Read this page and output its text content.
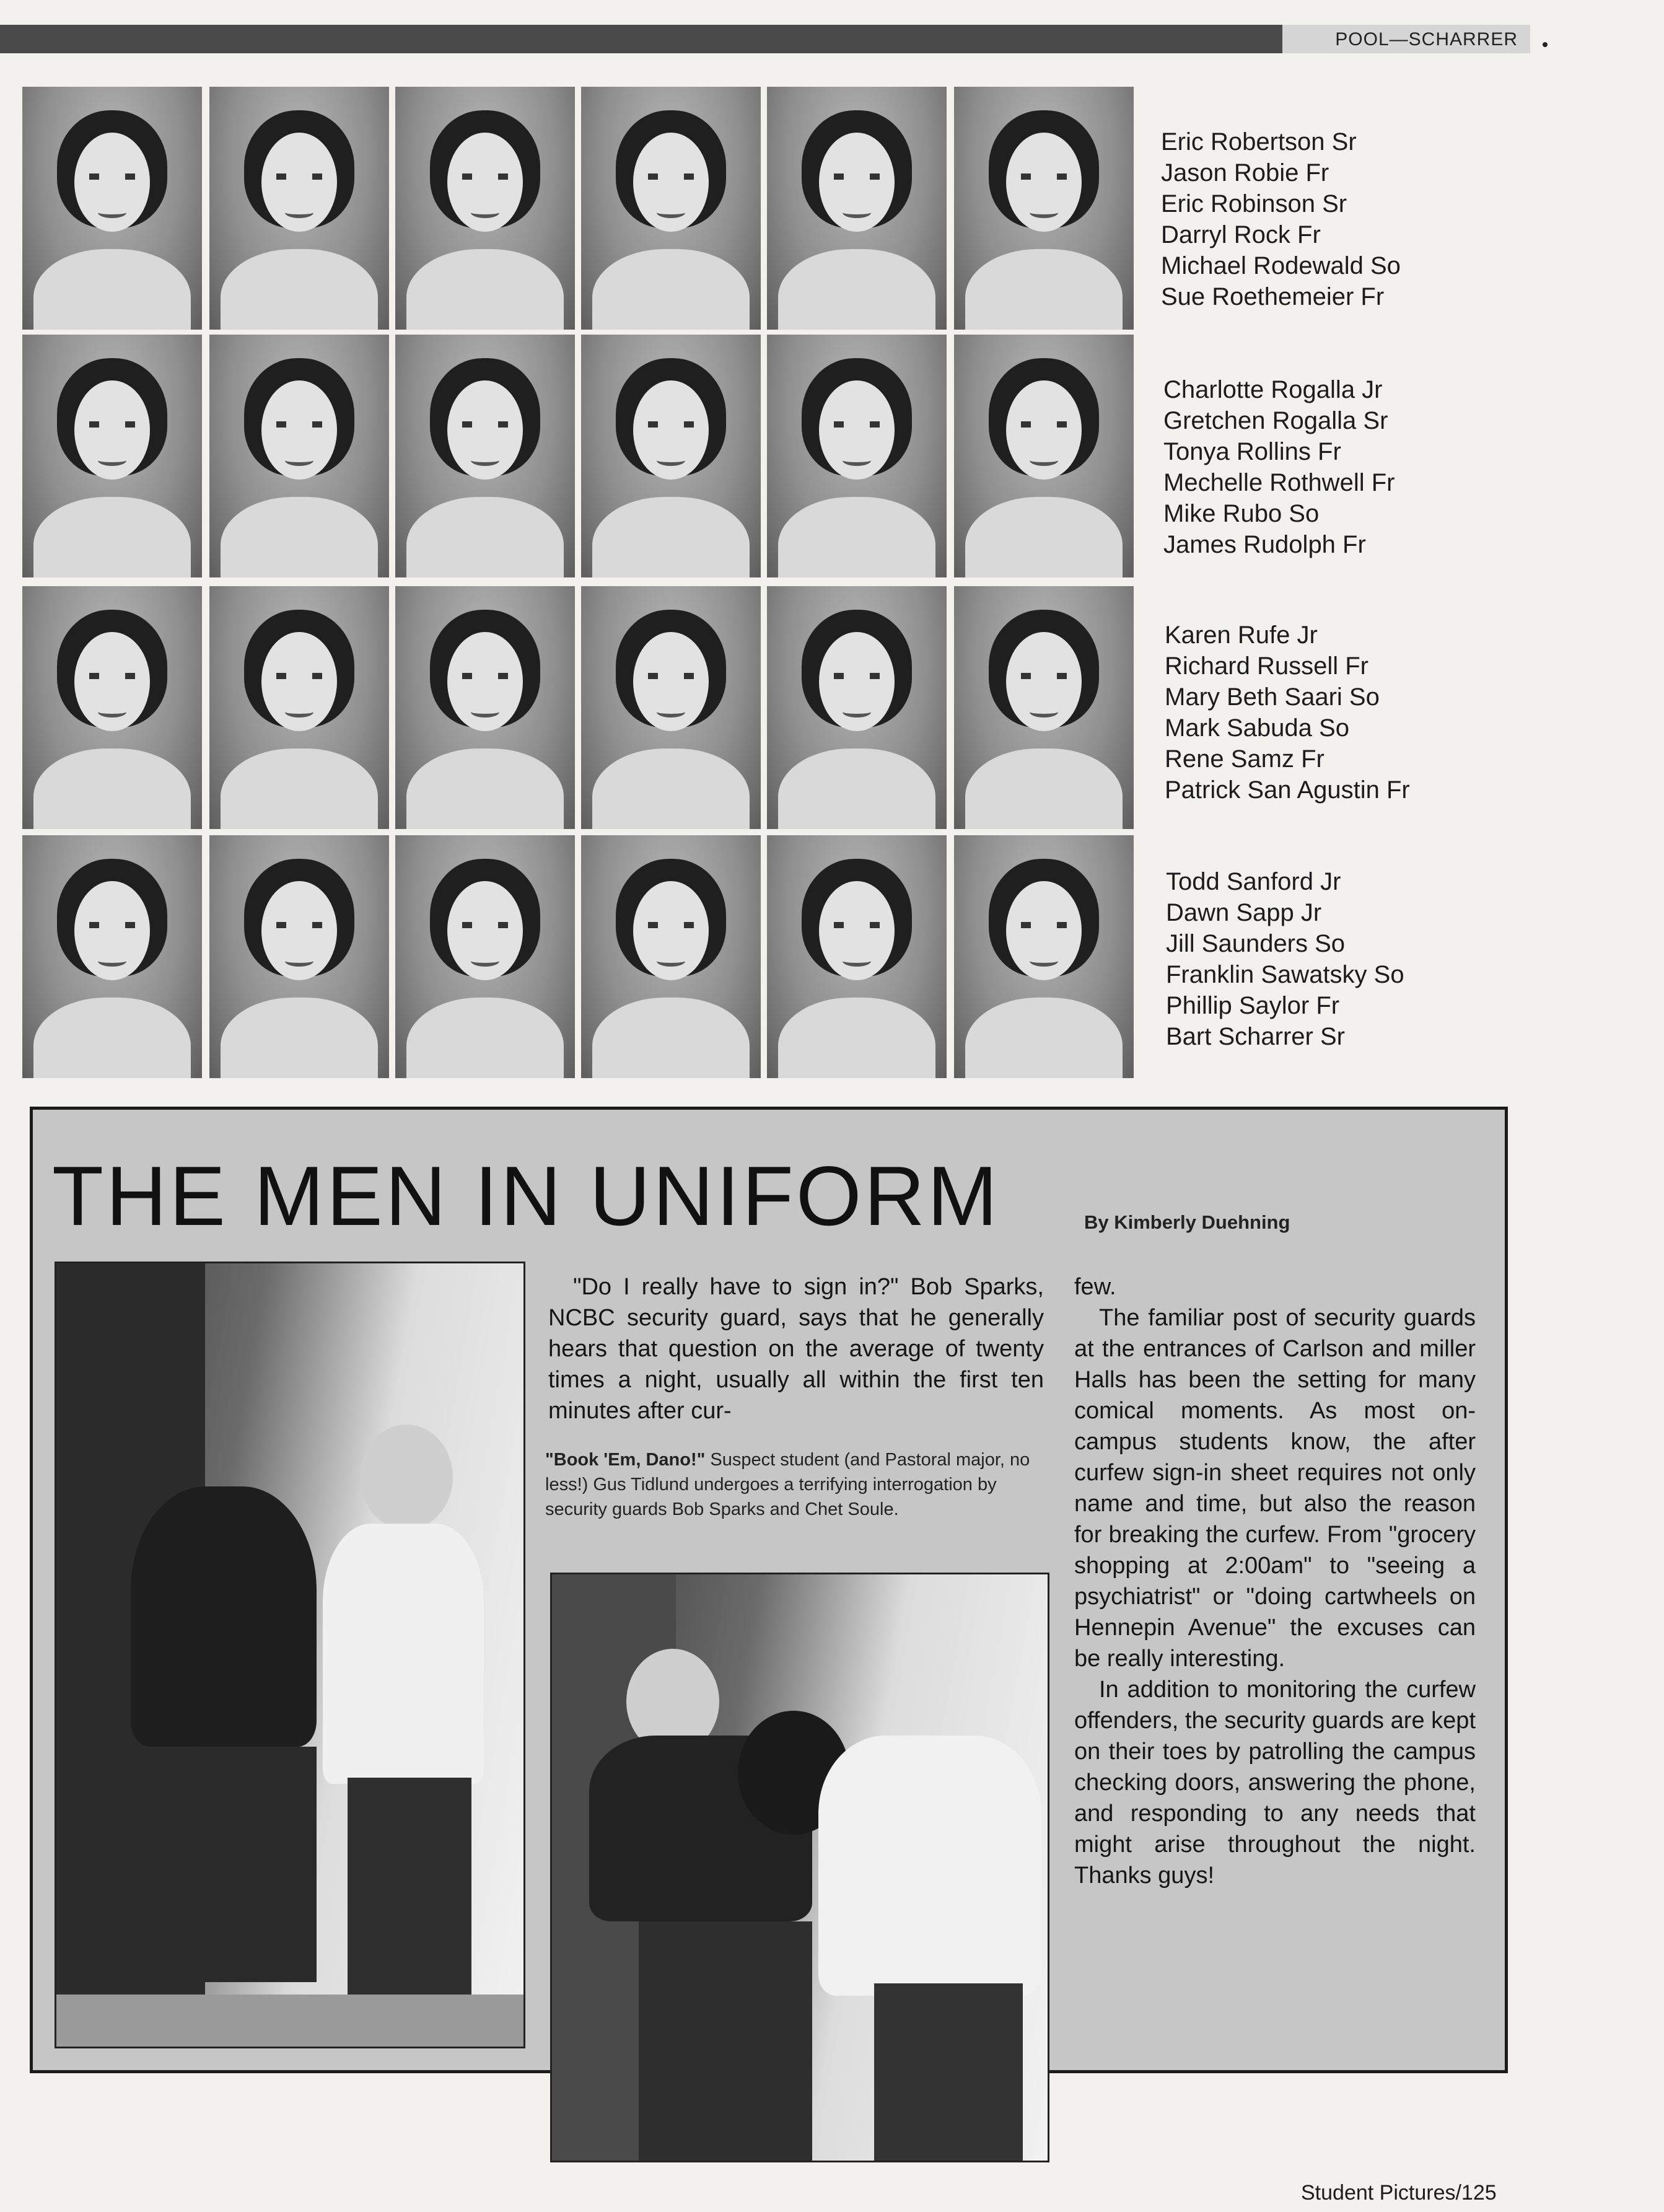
POOL—SCHARRER
Eric Robertson Sr
Jason Robie Fr
Eric Robinson Sr
Darryl Rock Fr
Michael Rodewald So
Sue Roethemeier Fr
Charlotte Rogalla Jr
Gretchen Rogalla Sr
Tonya Rollins Fr
Mechelle Rothwell Fr
Mike Rubo So
James Rudolph Fr
Karen Rufe Jr
Richard Russell Fr
Mary Beth Saari So
Mark Sabuda So
Rene Samz Fr
Patrick San Agustin Fr
Todd Sanford Jr
Dawn Sapp Jr
Jill Saunders So
Franklin Sawatsky So
Phillip Saylor Fr
Bart Scharrer Sr
THE MEN IN UNIFORM	By Kimberly Duehning

"Do I really have to sign in?" Bob Sparks, NCBC security guard, says that he generally hears that question on the average of twenty times a night, usually all within the first ten minutes after cur-

"Book 'Em, Dano!" Suspect student (and Pastoral major, no less!) Gus Tidlund undergoes a terrifying interrogation by security guards Bob Sparks and Chet Soule.

few.

The familiar post of security guards at the entrances of Carlson and miller Halls has been the setting for many comical moments. As most on-campus students know, the after curfew sign-in sheet requires not only name and time, but also the reason for breaking the curfew. From "grocery shopping at 2:00am" to "seeing a psychiatrist" or "doing cartwheels on Hennepin Avenue" the excuses can be really interesting.

In addition to monitoring the curfew offenders, the security guards are kept on their toes by patrolling the campus checking doors, answering the phone, and responding to any needs that might arise throughout the night. Thanks guys!

Student Pictures/125
